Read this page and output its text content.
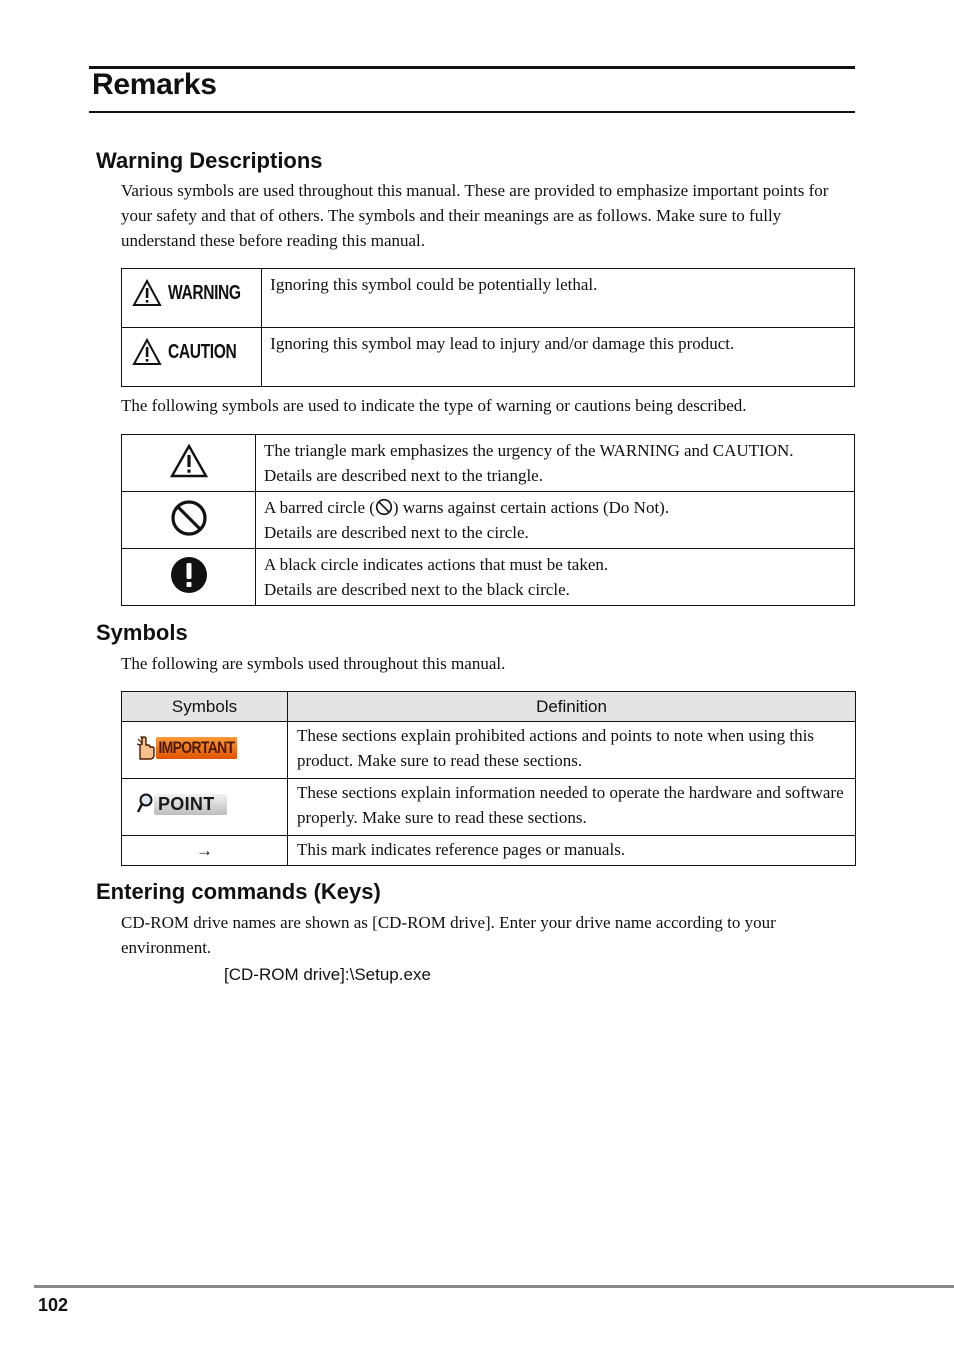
Remarks
Warning Descriptions
Various symbols are used throughout this manual. These are provided to emphasize important points for your safety and that of others. The symbols and their meanings are as follows. Make sure to fully understand these before reading this manual.
WARNING	Ignoring this symbol could be potentially lethal.

CAUTION	Ignoring this symbol may lead to injury and/or damage this product.
The following symbols are used to indicate the type of warning or cautions being described.

The triangle mark emphasizes the urgency of the WARNING and CAUTION.
Details are described next to the triangle.

A barred circle ( ) warns against certain actions (Do Not).
Details are described next to the circle.

A black circle indicates actions that must be taken.
Details are described next to the black circle.
Symbols
The following are symbols used throughout this manual.
Symbols	Definition

IMPORTANT	These sections explain prohibited actions and points to note when using this product. Make sure to read these sections.

POINT	These sections explain information needed to operate the hardware and software properly. Make sure to read these sections.
→	This mark indicates reference pages or manuals.
Entering commands (Keys)
CD-ROM drive names are shown as [CD-ROM drive]. Enter your drive name according to your environment.
[CD-ROM drive]:\Setup.exe
102
